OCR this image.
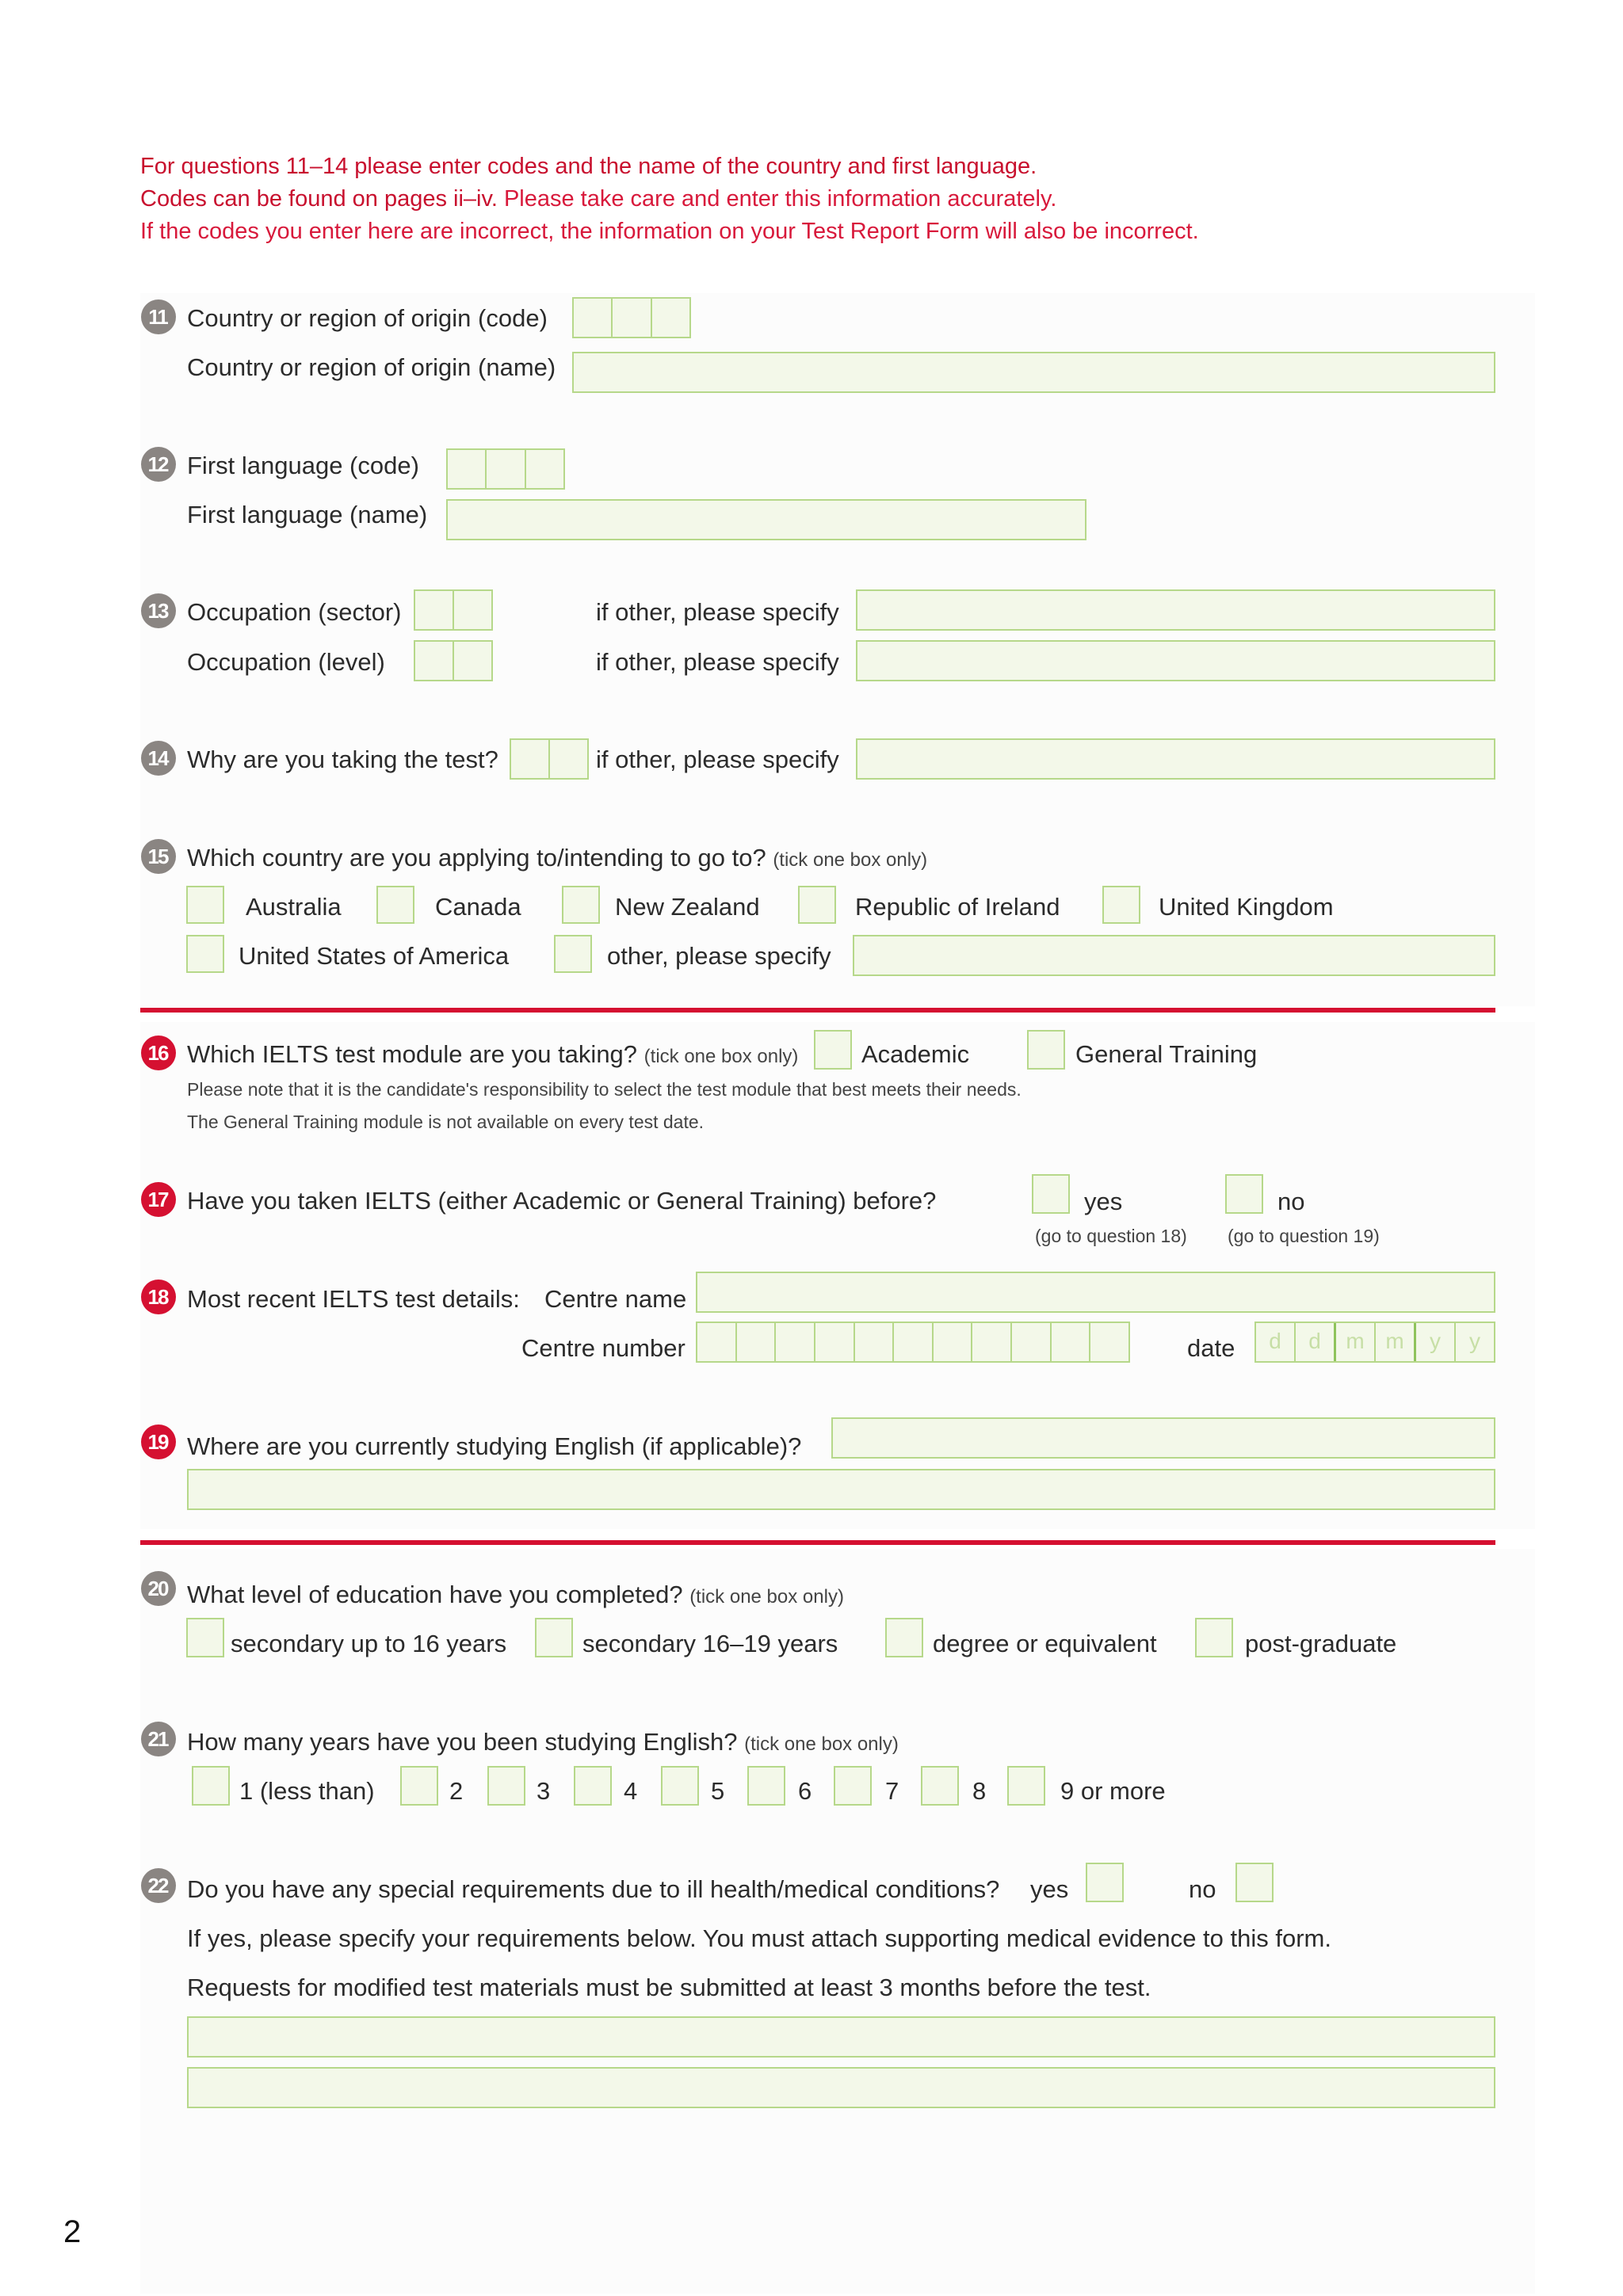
For questions 11–14 please enter codes and the name of the country and first language.
Codes can be found on pages ii–iv. Please take care and enter this information accurately.
If the codes you enter here are incorrect, the information on your Test Report Form will also be incorrect.
11 Country or region of origin (code)
Country or region of origin (name)
12 First language (code)
First language (name)
13 Occupation (sector)	if other, please specify
Occupation (level)	if other, please specify
14 Why are you taking the test?	if other, please specify
15 Which country are you applying to/intending to go to? (tick one box only)
Australia	Canada	New Zealand	Republic of Ireland	United Kingdom
United States of America	other, please specify
16 Which IELTS test module are you taking? (tick one box only)	Academic	General Training
Please note that it is the candidate's responsibility to select the test module that best meets their needs.
The General Training module is not available on every test date.
17 Have you taken IELTS (either Academic or General Training) before?	yes	no
(go to question 18) (go to question 19)
18 Most recent IELTS test details: Centre name
Centre number	date	d	d	m m	y	y
19 Where are you currently studying English (if applicable)?
20 What level of education have you completed? (tick one box only)
secondary up to 16 years	secondary 16–19 years	degree or equivalent	post-graduate
21 How many years have you been studying English? (tick one box only)
1 (less than)	2	3	4	5	6	7	8	9 or more
22 Do you have any special requirements due to ill health/medical conditions? yes	no
If yes, please specify your requirements below. You must attach supporting medical evidence to this form.
Requests for modified test materials must be submitted at least 3 months before the test.
2
